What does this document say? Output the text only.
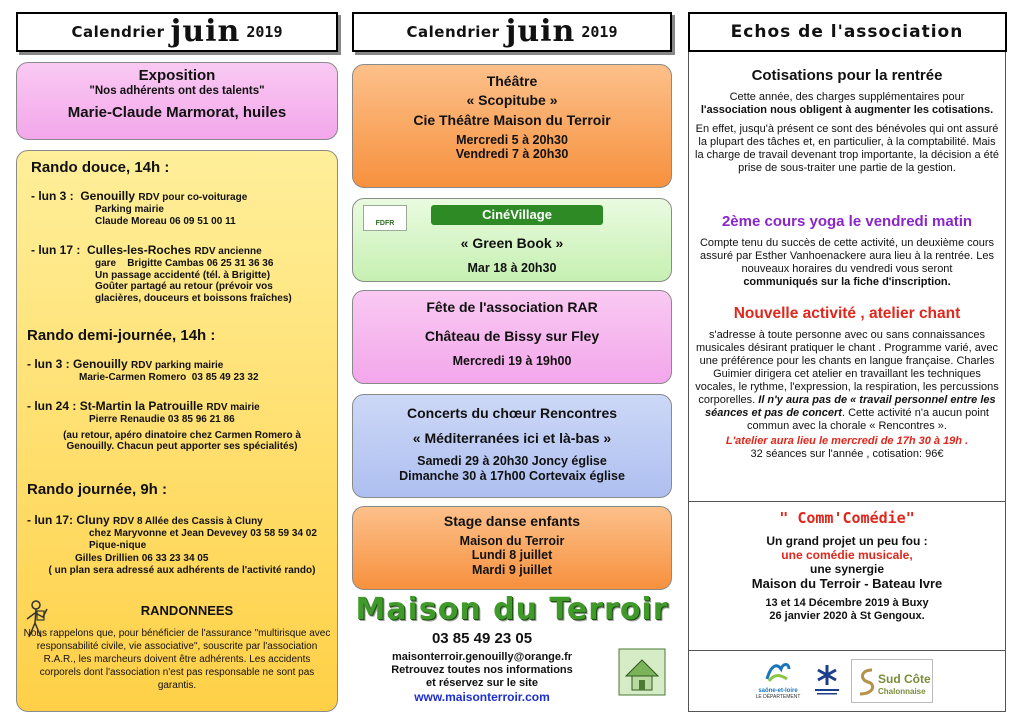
Calendrier juin 2019

Exposition

"Nos adhérents ont des talents"

Marie-Claude Marmorat, huiles

Rando douce, 14h :

- lun 3 : Genouilly RDV pour co-voiturage

Parking mairie

Claude Moreau 06 09 51 00 11

- lun 17 : Culles-les-Roches RDV ancienne

gare    Brigitte Cambas 06 25 31 36 36

Un passage accidenté (tél. à Brigitte)

Goûter partagé au retour (prévoir vos

glacières, douceurs et boissons fraîches)

Rando demi-journée, 14h :

- lun 3 : Genouilly RDV parking mairie

Marie-Carmen Romero  03 85 49 23 32

- lun 24 : St-Martin la Patrouille RDV mairie

Pierre Renaudie 03 85 96 21 86

(au retour, apéro dinatoire chez Carmen Romero à

Genouilly. Chacun peut apporter ses spécialités)

Rando journée, 9h :

- lun 17: Cluny RDV 8 Allée des Cassis à Cluny

chez Maryvonne et Jean Devevey 03 58 59 34 02

Pique-nique

Gilles Drillien 06 33 23 34 05

( un plan sera adressé aux adhérents de l'activité rando)

RANDONNEES

Nous rappelons que, pour bénéficier de l'assurance "multirisque avec responsabilité civile, vie associative", souscrite par l'association R.A.R., les marcheurs doivent être adhérents. Les accidents corporels dont l'association n'est pas responsable ne sont pas garantis.

Calendrier juin 2019

Théâtre

« Scopitube »

Cie Théâtre Maison du Terroir

Mercredi 5 à 20h30

Vendredi 7 à 20h30

FDFR

CinéVillage

« Green Book »

Mar 18 à 20h30

Fête de l'association RAR

Château de Bissy sur Fley

Mercredi 19 à 19h00

Concerts du chœur Rencontres

« Méditerranées ici et là-bas »

Samedi 29 à 20h30 Joncy église

Dimanche 30 à 17h00 Cortevaix église

Stage danse enfants

Maison du Terroir

Lundi 8 juillet

Mardi 9 juillet

Maison du Terroir

03 85 49 23 05

maisonterroir.genouilly@orange.fr

Retrouvez toutes nos informations

et réservez sur le site

www.maisonterroir.com

Echos de l'association

Cotisations pour la rentrée

Cette année, des charges supplémentaires pour

l'association nous obligent à augmenter les cotisations.

En effet, jusqu'à présent ce sont des bénévoles qui ont assuré la plupart des tâches et, en particulier, à la comptabilité. Mais la charge de travail devenant trop importante, la décision a été prise de sous-traiter une partie de la gestion.

2ème cours yoga le vendredi matin

Compte tenu du succès de cette activité, un deuxième cours assuré par Esther Vanhoenackere aura lieu à la rentrée. Les nouveaux horaires du vendredi vous seront

communiqués sur la fiche d'inscription.

Nouvelle activité , atelier chant

s'adresse à toute personne avec ou sans connaissances musicales désirant pratiquer le chant . Programme varié, avec une préférence pour les chants en langue française. Charles Guimier dirigera cet atelier en travaillant les techniques vocales, le rythme, l'expression, la respiration, les percussions corporelles. Il n'y aura pas de « travail personnel entre les séances et pas de concert. Cette activité n'a aucun point commun avec la chorale « Rencontres ».

L'atelier aura lieu le mercredi de 17h 30 à 19h .

32 séances sur l'année , cotisation: 96€

" Comm'Comédie"

Un grand projet un peu fou :

une comédie musicale,

une synergie

Maison du Terroir - Bateau Ivre

13 et 14 Décembre 2019 à Buxy

26 janvier 2020 à St Gengoux.

saône-et-loire

LE DÉPARTEMENT

Sud Côte

Chalonnaise
